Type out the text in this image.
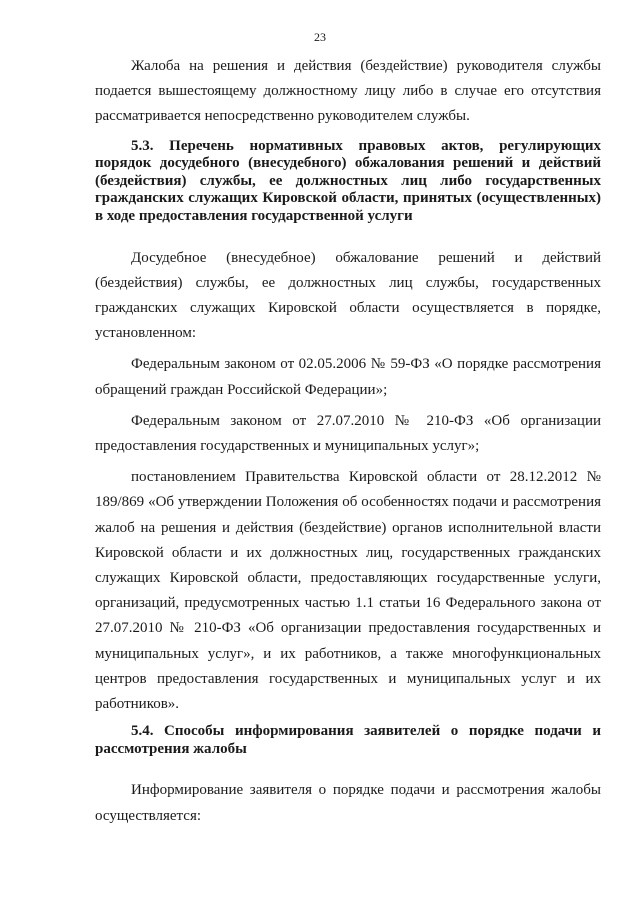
23

Жалоба на решения и действия (бездействие) руководителя службы подается вышестоящему должностному лицу либо в случае его отсутствия рассматривается непосредственно руководителем службы.

5.3. Перечень нормативных правовых актов, регулирующих порядок досудебного (внесудебного) обжалования решений и действий (бездействия) службы, ее должностных лиц либо государственных гражданских служащих Кировской области, принятых (осуществленных) в ходе предоставления государственной услуги

Досудебное (внесудебное) обжалование решений и действий (бездействия) службы, ее должностных лиц службы, государственных гражданских служащих Кировской области осуществляется в порядке, установленном:

Федеральным законом от 02.05.2006 № 59-ФЗ «О порядке рассмотрения обращений граждан Российской Федерации»;

Федеральным законом от 27.07.2010 № 210-ФЗ «Об организации предоставления государственных и муниципальных услуг»;

постановлением Правительства Кировской области от 28.12.2012 № 189/869 «Об утверждении Положения об особенностях подачи и рассмотрения жалоб на решения и действия (бездействие) органов исполнительной власти Кировской области и их должностных лиц, государственных гражданских служащих Кировской области, предоставляющих государственные услуги, организаций, предусмотренных частью 1.1 статьи 16 Федерального закона от 27.07.2010 № 210-ФЗ «Об организации предоставления государственных и муниципальных услуг», и их работников, а также многофункциональных центров предоставления государственных и муниципальных услуг и их работников».

5.4. Способы информирования заявителей о порядке подачи и рассмотрения жалобы

Информирование заявителя о порядке подачи и рассмотрения жалобы осуществляется:
